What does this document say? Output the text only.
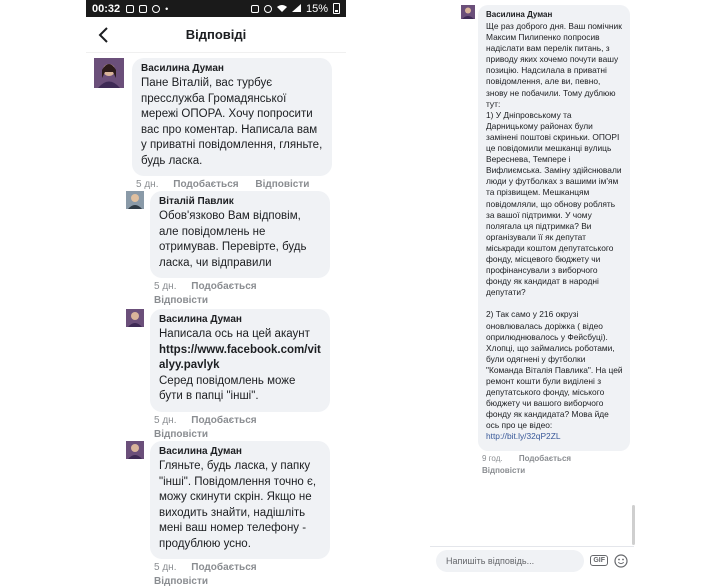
00:32	•	15%
Відповіді
Василина Думан
Пане Віталій, вас турбує пресслужба Громадянської мережі ОПОРА. Хочу попросити вас про коментар. Написала вам у приватні повідомлення, гляньте, будь ласка.
5 дн. Подобається Відповісти
Віталій Павлик
Обов'язково Вам відповім, але повідомлень не отримував. Перевірте, будь ласка, чи відправили
5 дн. Подобається
Відповісти
Василина Думан
Написала ось на цей акаунт
https://www.facebook.com/vitalyy.pavlyk
Серед повідомлень може бути в папці "інші".
5 дн. Подобається
Відповісти
Василина Думан
Гляньте, будь ласка, у папку "інші". Повідомлення точно є, можу скинути скрін. Якщо не виходить знайти, надішліть мені ваш номер телефону - продублюю усно.
5 дн. Подобається
Відповісти
Василина Думан
Ще раз доброго дня. Ваш помічник Максим Пилипенко попросив надіслати вам перелік питань, з приводу яких хочемо почути вашу позицію. Надсилала в приватні повідомлення, але ви, певно, знову не побачили. Тому дублюю тут:
1) У Дніпровському та Дарницькому районах були замінені поштові скриньки. ОПОРІ це повідомили мешканці вулиць Вереснева, Темпере і Вифлиємська. Заміну здійснювали люди у футболках з вашими ім'ям та прізвищем. Мешканцям повідомляли, що обнову роблять за вашої підтримки. У чому полягала ця підтримка? Ви організували її як депутат міськради коштом депутатського фонду, місцевого бюджету чи профінансували з виборчого фонду як кандидат в народні депутати?

2) Так само у 216 окрузі оновлювалась доріжка ( відео оприлюднювалось у Фейсбуці). Хлопці, що займались роботами, були одягнені у футболки "Команда Віталія Павлика". На цей ремонт кошти були виділені з депутатського фонду, міського бюджету чи вашого виборчого фонду як кандидата? Мова йде ось про це відео:
http://bit.ly/32qP2ZL
9 год. Подобається
Відповісти
Напишіть відповідь...
GIF
